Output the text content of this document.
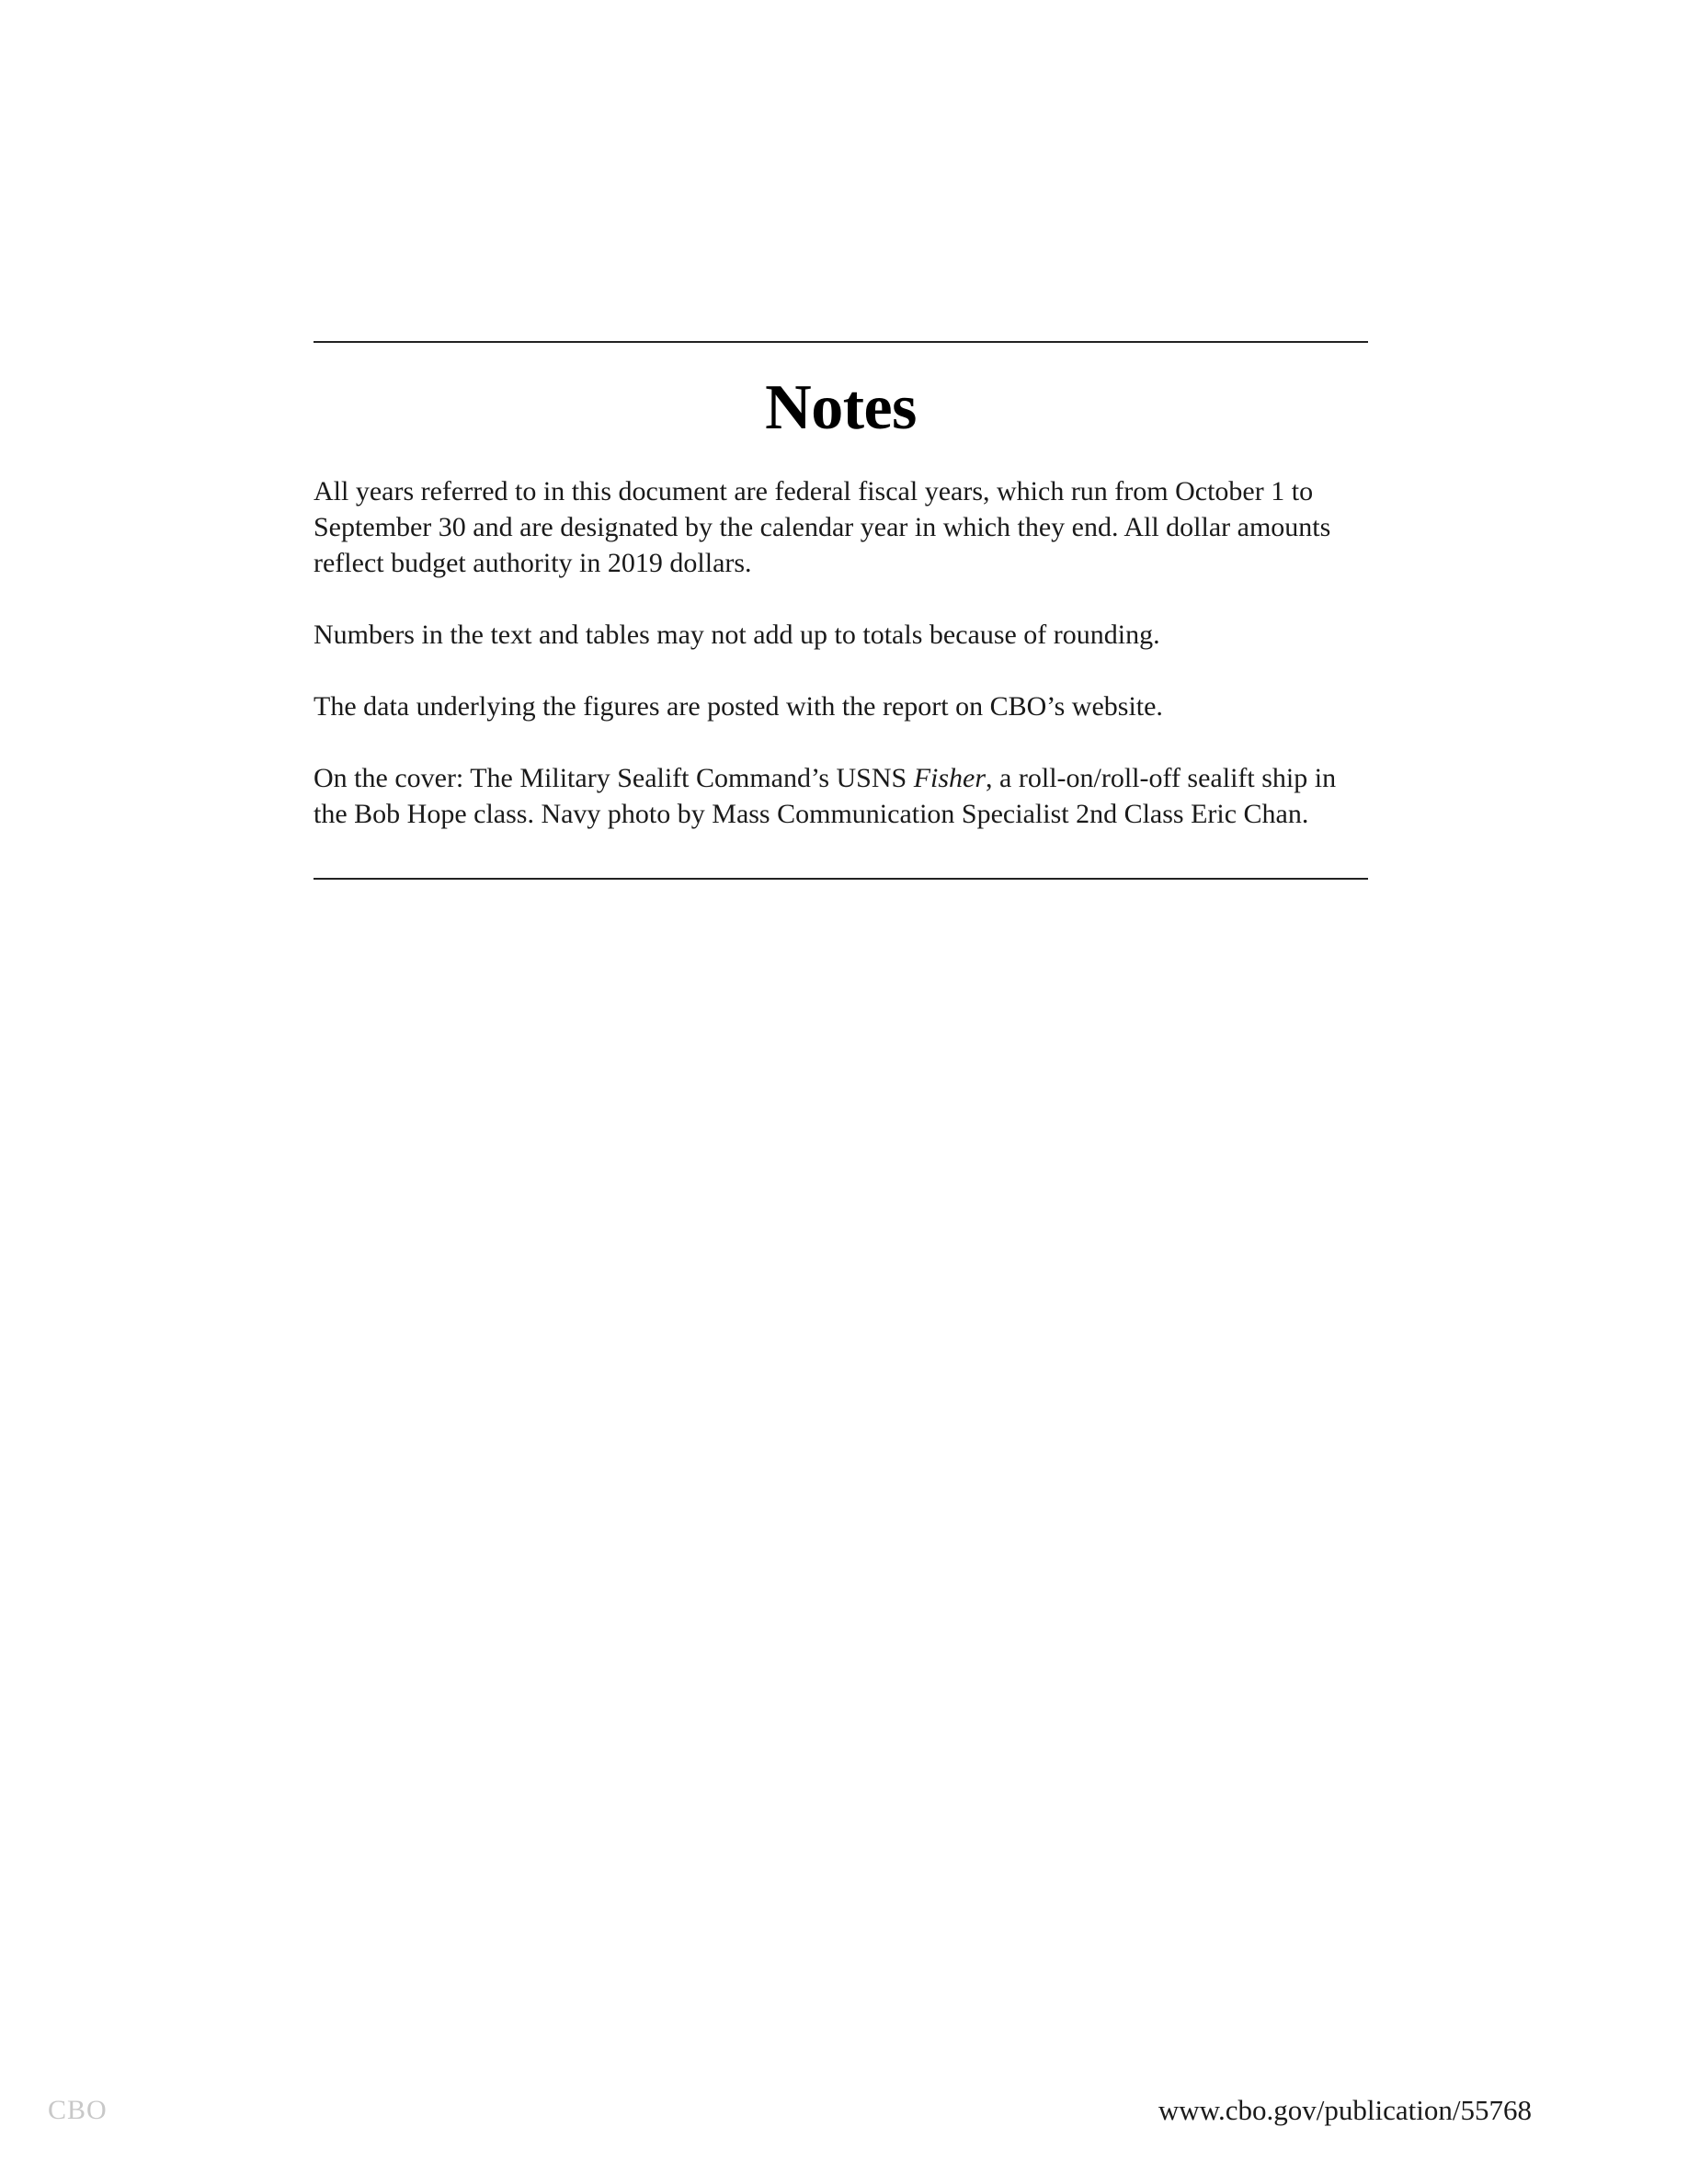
Notes

All years referred to in this document are federal fiscal years, which run from October 1 to September 30 and are designated by the calendar year in which they end. All dollar amounts reflect budget authority in 2019 dollars.

Numbers in the text and tables may not add up to totals because of rounding.

The data underlying the figures are posted with the report on CBO’s website.

On the cover: The Military Sealift Command’s USNS Fisher, a roll-on/roll-off sealift ship in the Bob Hope class. Navy photo by Mass Communication Specialist 2nd Class Eric Chan.

CBO	www.cbo.gov/publication/55768
